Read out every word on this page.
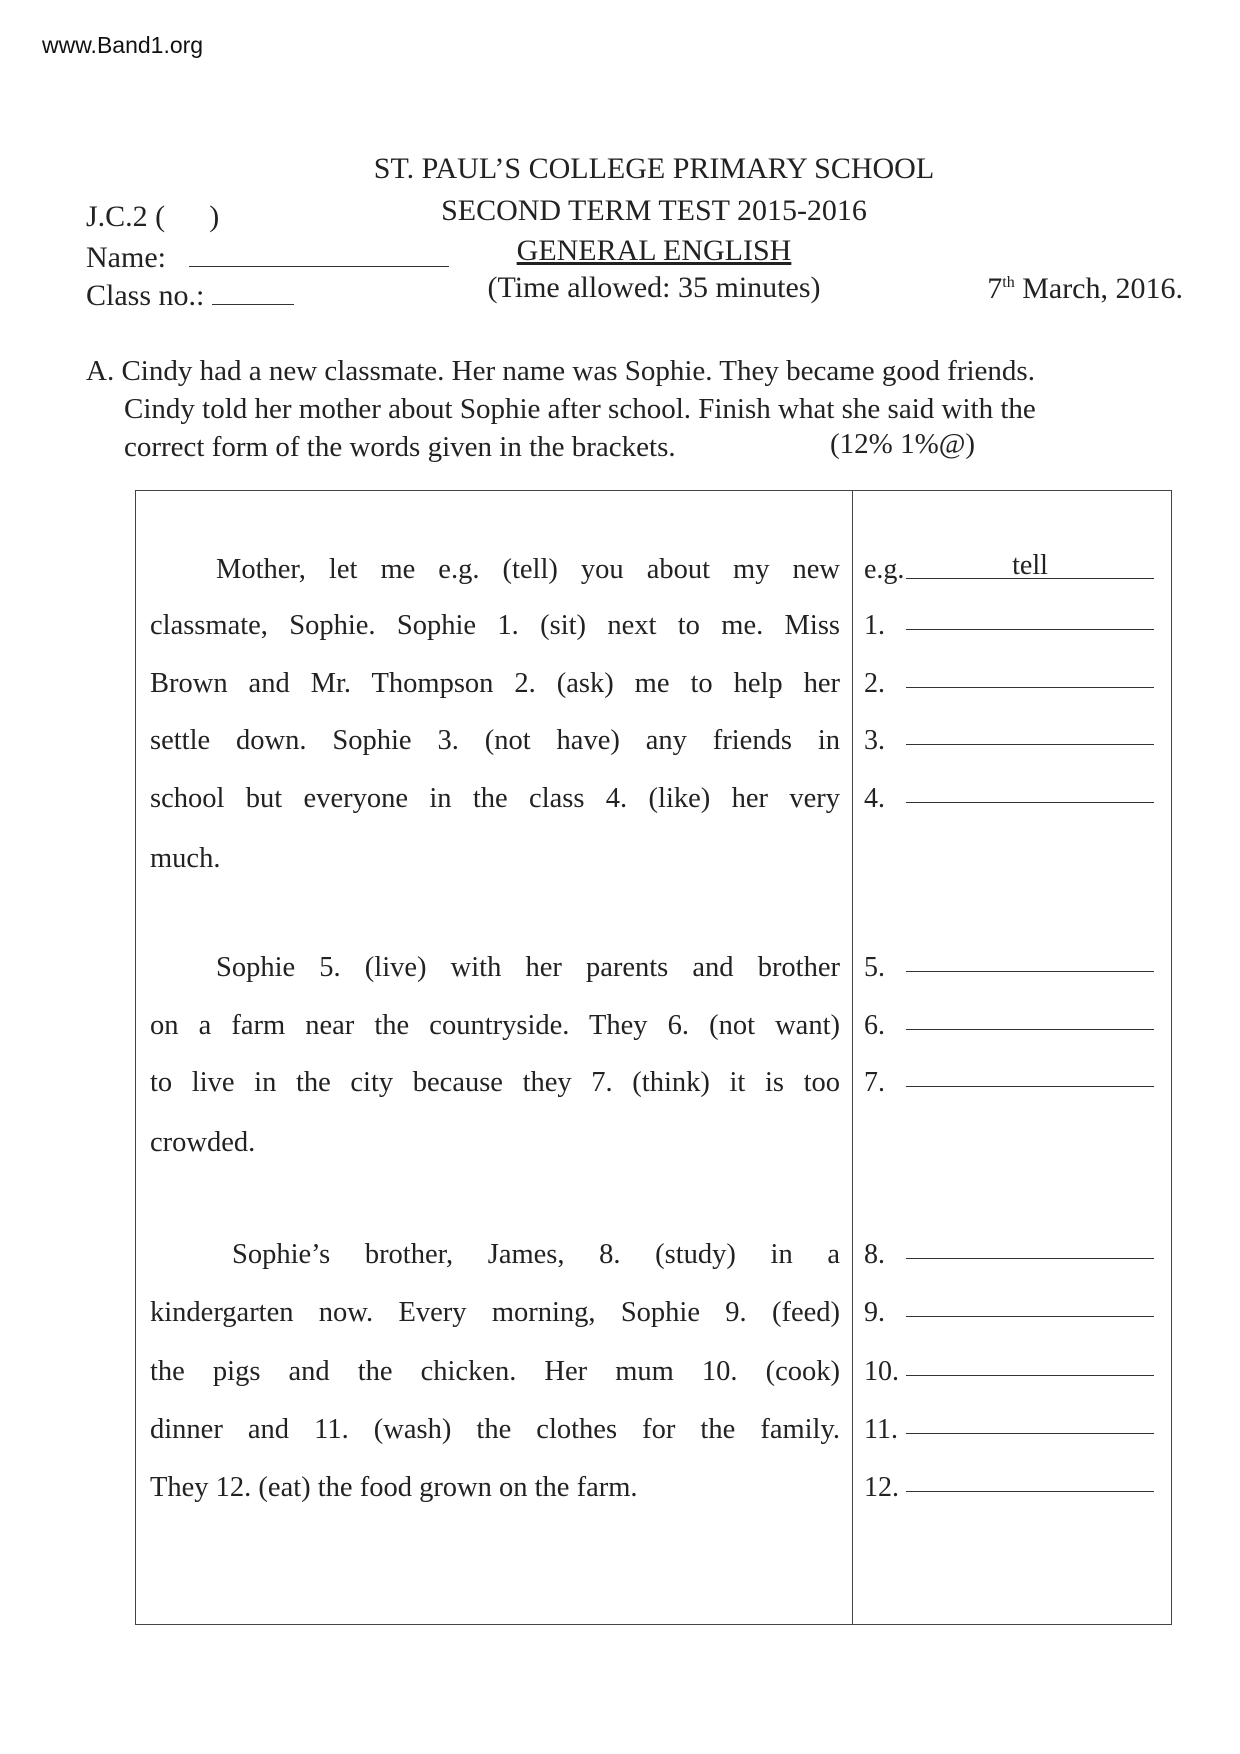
www.Band1.org
ST. PAUL’S COLLEGE PRIMARY SCHOOL
SECOND TERM TEST 2015-2016
GENERAL ENGLISH
(Time allowed: 35 minutes)
J.C.2 ( )
Name:
Class no.:	7th March, 2016.
A. Cindy had a new classmate. Her name was Sophie. They became good friends.
Cindy told her mother about Sophie after school. Finish what she said with the
correct form of the words given in the brackets.	(12% 1%@)
Mother, let me e.g. (tell) you about my new
classmate, Sophie. Sophie 1. (sit) next to me. Miss
Brown and Mr. Thompson 2. (ask) me to help her
settle down. Sophie 3. (not have) any friends in
school but everyone in the class 4. (like) her very
much.
Sophie 5. (live) with her parents and brother
on a farm near the countryside. They 6. (not want)
to live in the city because they 7. (think) it is too
crowded.
Sophie’s brother, James, 8. (study) in a
kindergarten now. Every morning, Sophie 9. (feed)
the pigs and the chicken. Her mum 10. (cook)
dinner and 11. (wash) the clothes for the family.
They 12. (eat) the food grown on the farm.
e.g.	tell
1.
2.
3.
4.
5.
6.
7.
8.
9.
10.
11.
12.
